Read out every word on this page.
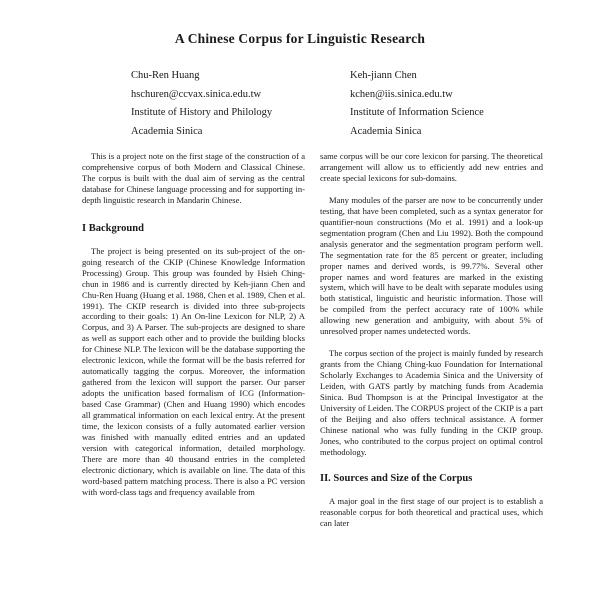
A Chinese Corpus for Linguistic Research
Chu-Ren Huang
hschuren@ccvax.sinica.edu.tw
Institute of History and Philology
Academia Sinica
Keh-jiann Chen
kchen@iis.sinica.edu.tw
Institute of Information Science
Academia Sinica

This is a project note on the first stage of the construction of a comprehensive corpus of both Modern and Classical Chinese. The corpus is built with the dual aim of serving as the central database for Chinese language processing and for supporting in-depth linguistic research in Mandarin Chinese.

I Background

The project is being presented on its sub-project of the on-going research of the CKIP (Chinese Knowledge Information Processing) Group. This group was founded by Hsieh Ching-chun in 1986 and is currently directed by Keh-jiann Chen and Chu-Ren Huang (Huang et al. 1988, Chen et al. 1989, Chen et al. 1991). The CKIP research is divided into three sub-projects according to their goals: 1) An On-line Lexicon for NLP, 2) A Corpus, and 3) A Parser. The sub-projects are designed to share as well as support each other and to provide the building blocks for Chinese NLP. The lexicon will be the database supporting the electronic lexicon, while the format will be the basis referred for automatically tagging the corpus. Moreover, the information gathered from the lexicon will support the parser. Our parser adopts the unification based formalism of ICG (Information-based Case Grammar) (Chen and Huang 1990) which encodes all grammatical information on each lexical entry. At the present time, the lexicon consists of a fully automated earlier version was finished with manually edited entries and an updated version with categorical information, detailed morphology. There are more than 40 thousand entries in the completed electronic dictionary, which is available on line. The data of this word-based pattern matching process. There is also a PC version with word-class tags and frequency available from

same corpus will be our core lexicon for parsing. The theoretical arrangement will allow us to efficiently add new entries and create special lexicons for sub-domains.

Many modules of the parser are now to be concurrently under testing, that have been completed, such as a syntax generator for quantifier-noun constructions (Mo et al. 1991) and a look-up segmentation program (Chen and Liu 1992). Both the compound analysis generator and the segmentation program perform well. The segmentation rate for the 85 percent or greater, including proper names and derived words, is 99.77%. Several other proper names and word features are marked in the existing system, which will have to be dealt with separate modules using both statistical, linguistic and heuristic information. Those will be compiled from the perfect accuracy rate of 100% while allowing new generation and ambiguity, with about 5% of unresolved proper names undetected words.

The corpus section of the project is mainly funded by research grants from the Chiang Ching-kuo Foundation for International Scholarly Exchanges to Academia Sinica and the University of Leiden, with GATS partly by matching funds from Academia Sinica. Bud Thompson is at the Principal Investigator at the University of Leiden. The CORPUS project of the CKIP is a part of the Beijing and also offers technical assistance. A former Chinese national who was fully funding in the CKIP group. Jones, who contributed to the corpus project on optimal control methodology.

II. Sources and Size of the Corpus

A major goal in the first stage of our project is to establish a reasonable corpus for both theoretical and practical uses, which can later
